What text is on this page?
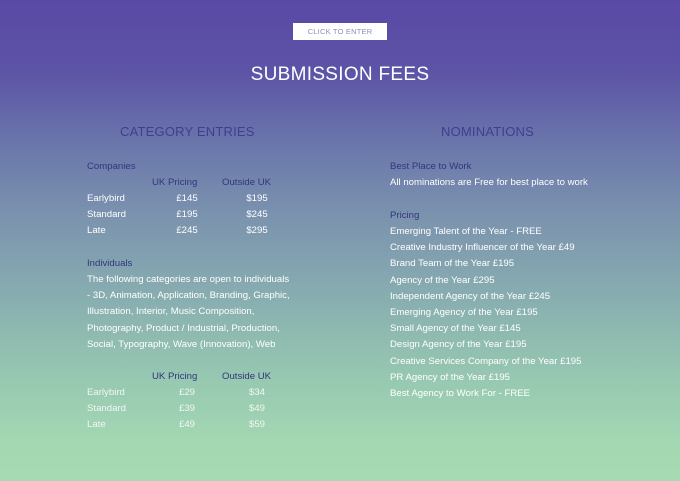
CLICK TO ENTER
SUBMISSION FEES
CATEGORY ENTRIES	NOMINATIONS
Companies
UK Pricing	Outside UK
Earlybird	£145	$195
Standard	£195	$245
Late	£245	$295
Individuals
The following categories are open to individuals
- 3D, Animation, Application, Branding, Graphic,
Illustration, Interior, Music Composition,
Photography, Product / Industrial, Production,
Social, Typography, Wave (Innovation), Web
UK Pricing	Outside UK
Earlybird	£29	$34
Standard	£39	$49
Late	£49	$59
Best Place to Work
All nominations are Free for best place to work
Pricing
Emerging Talent of the Year - FREE
Creative Industry Influencer of the Year £49
Brand Team of the Year £195
Agency of the Year £295
Independent Agency of the Year £245
Emerging Agency of the Year £195
Small Agency of the Year £145
Design Agency of the Year £195
Creative Services Company of the Year £195
PR Agency of the Year £195
Best Agency to Work For - FREE
